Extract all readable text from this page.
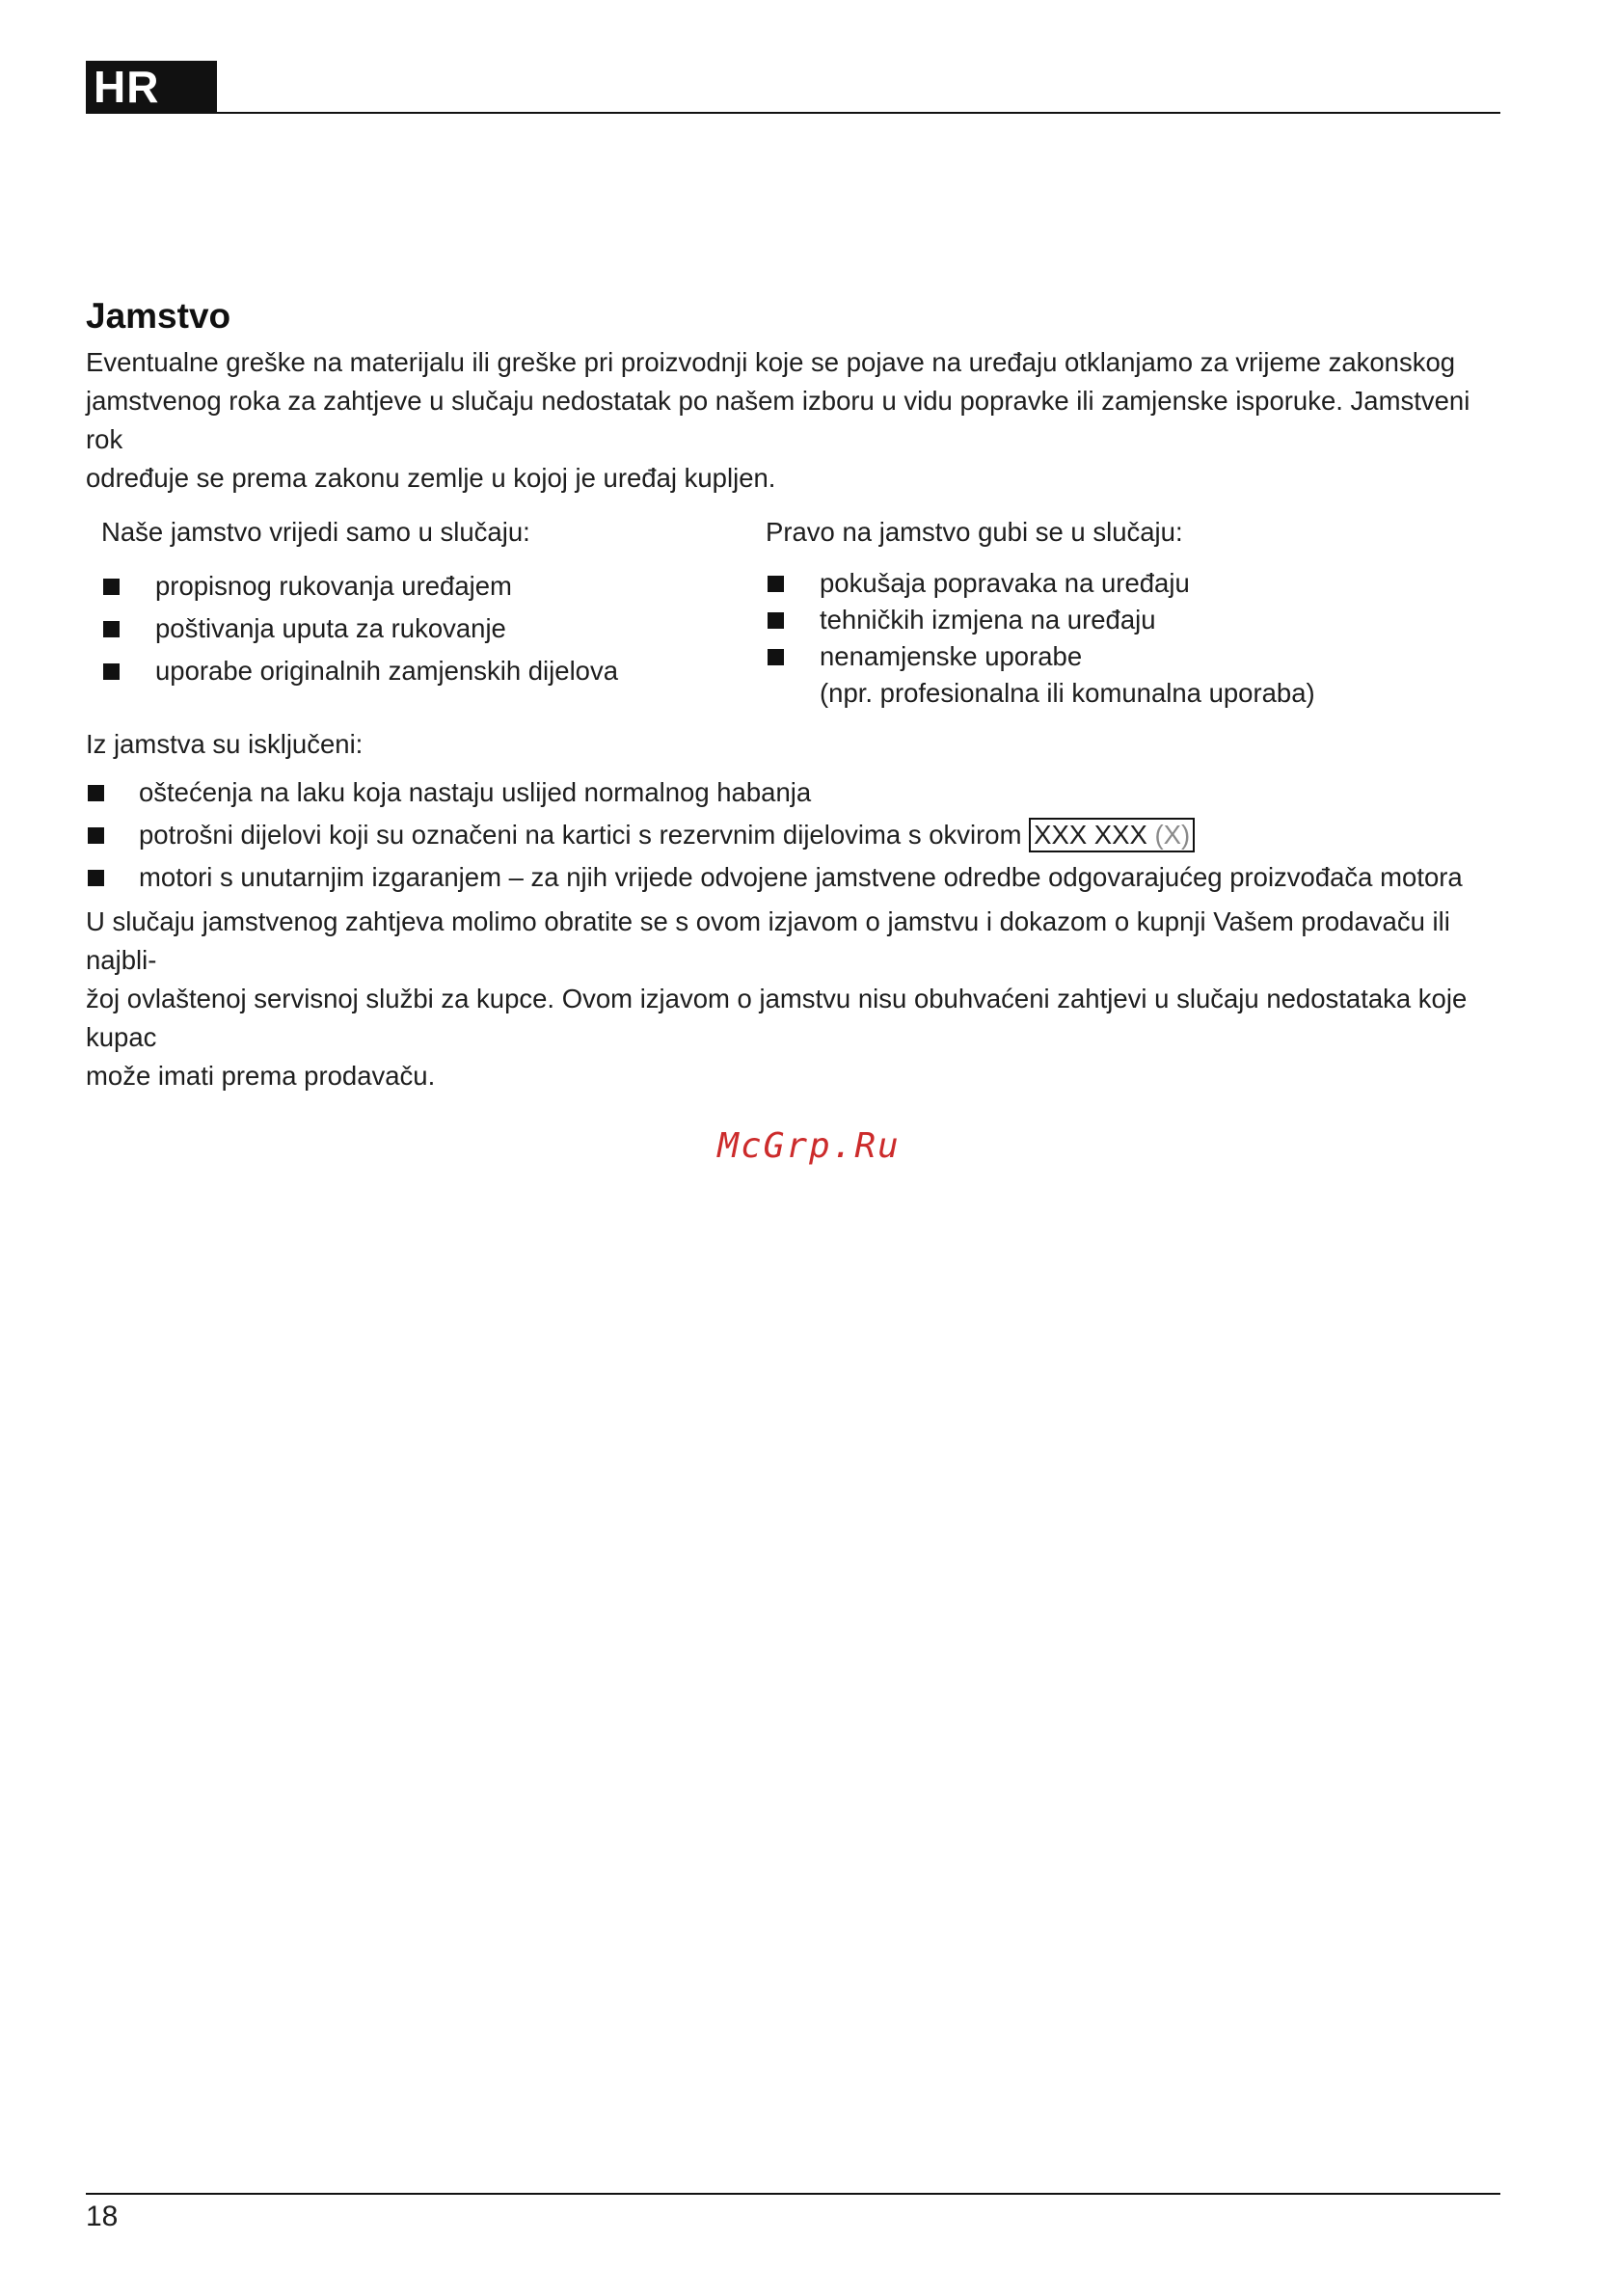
HR
Jamstvo

Eventualne greške na materijalu ili greške pri proizvodnji koje se pojave na uređaju otklanjamo za vrijeme zakonskog
jamstvenog roka za zahtjeve u slučaju nedostatak po našem izboru u vidu popravke ili zamjenske isporuke. Jamstveni rok
određuje se prema zakonu zemlje u kojoj je uređaj kupljen.

Naše jamstvo vrijedi samo u slučaju:

propisnog rukovanja uređajem
poštivanja uputa za rukovanje
uporabe originalnih zamjenskih dijelova

Pravo na jamstvo gubi se u slučaju:

pokušaja popravaka na uređaju
tehničkih izmjena na uređaju
nenamjenske uporabe
(npr. profesionalna ili komunalna uporaba)

Iz jamstva su isključeni:

oštećenja na laku koja nastaju uslijed normalnog habanja
potrošni dijelovi koji su označeni na kartici s rezervnim dijelovima s okvirom XXX XXX (X)
motori s unutarnjim izgaranjem – za njih vrijede odvojene jamstvene odredbe odgovarajućeg proizvođača motora

U slučaju jamstvenog zahtjeva molimo obratite se s ovom izjavom o jamstvu i dokazom o kupnji Vašem prodavaču ili najbli-
žoj ovlaštenoj servisnoj službi za kupce. Ovom izjavom o jamstvu nisu obuhvaćeni zahtjevi u slučaju nedostataka koje kupac
može imati prema prodavaču.

McGrp.Ru
18
